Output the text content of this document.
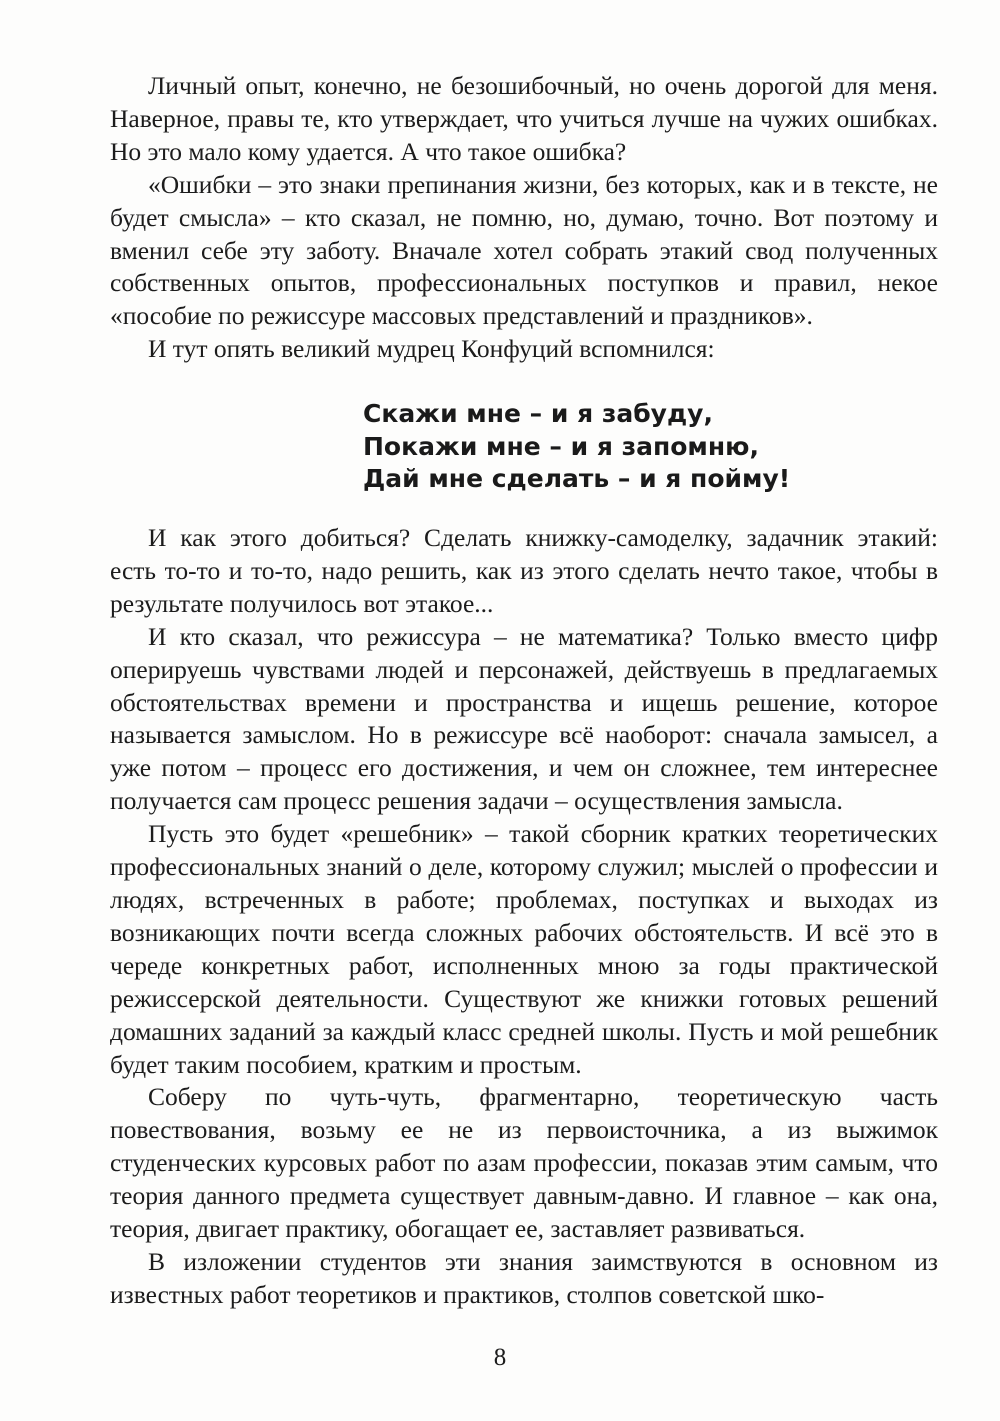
Личный опыт, конечно, не безошибочный, но очень дорогой для меня. Наверное, правы те, кто утверждает, что учиться лучше на чужих ошибках. Но это мало кому удается. А что такое ошибка?

«Ошибки – это знаки препинания жизни, без которых, как и в тексте, не будет смысла» – кто сказал, не помню, но, думаю, точно. Вот поэтому и вменил себе эту заботу. Вначале хотел собрать этакий свод полученных собственных опытов, профессиональных поступков и правил, некое «пособие по режиссуре массовых представлений и праздников».

И тут опять великий мудрец Конфуций вспомнился:

Скажи мне – и я забуду,
Покажи мне – и я запомню,
Дай мне сделать – и я пойму!

И как этого добиться? Сделать книжку-самоделку, задачник этакий: есть то-то и то-то, надо решить, как из этого сделать нечто такое, чтобы в результате получилось вот этакое...

И кто сказал, что режиссура – не математика? Только вместо цифр оперируешь чувствами людей и персонажей, действуешь в предлагаемых обстоятельствах времени и пространства и ищешь решение, которое называется замыслом. Но в режиссуре всё наоборот: сначала замысел, а уже потом – процесс его достижения, и чем он сложнее, тем интереснее получается сам процесс решения задачи – осуществления замысла.

Пусть это будет «решебник» – такой сборник кратких теоретических профессиональных знаний о деле, которому служил; мыслей о профессии и людях, встреченных в работе; проблемах, поступках и выходах из возникающих почти всегда сложных рабочих обстоятельств. И всё это в череде конкретных работ, исполненных мною за годы практической режиссерской деятельности. Существуют же книжки готовых решений домашних заданий за каждый класс средней школы. Пусть и мой решебник будет таким пособием, кратким и простым.

Соберу по чуть-чуть, фрагментарно, теоретическую часть повествования, возьму ее не из первоисточника, а из выжимок студенческих курсовых работ по азам профессии, показав этим самым, что теория данного предмета существует давным-давно. И главное – как она, теория, двигает практику, обогащает ее, заставляет развиваться.

В изложении студентов эти знания заимствуются в основном из известных работ теоретиков и практиков, столпов советской шко-

8
